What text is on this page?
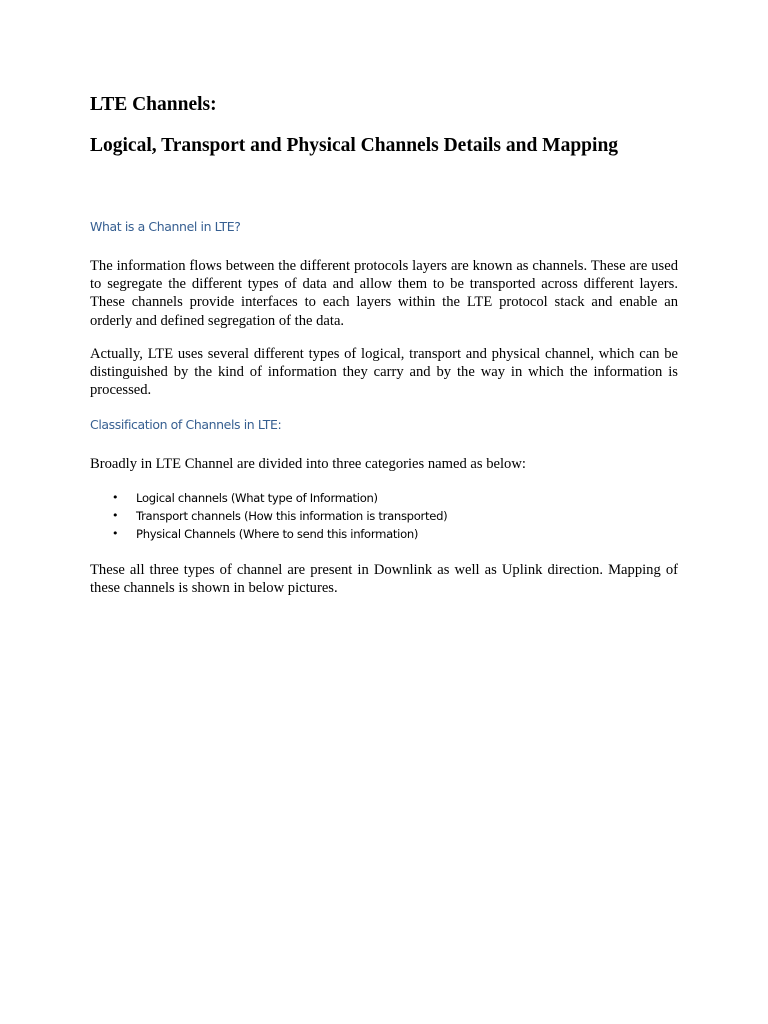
LTE Channels:
Logical, Transport and Physical Channels Details and Mapping
What is a Channel in LTE?

The information flows between the different protocols layers are known as channels. These are used to segregate the different types of data and allow them to be transported across different layers. These channels provide interfaces to each layers within the LTE protocol stack and enable an orderly and defined segregation of the data.

Actually, LTE uses several different types of logical, transport and physical channel, which can be distinguished by the kind of information they carry and by the way in which the information is processed.

Classification of Channels in LTE:

Broadly in LTE Channel are divided into three categories named as below:

• Logical channels (What type of Information)
• Transport channels (How this information is transported)
• Physical Channels (Where to send this information)

These all three types of channel are present in Downlink as well as Uplink direction. Mapping of these channels is shown in below pictures.
